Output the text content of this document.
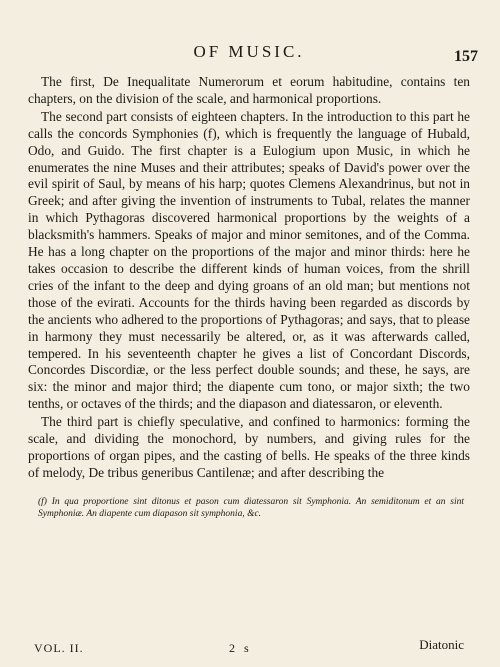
OF MUSIC.	157

The first, De Inequalitate Numerorum et eorum habitudine, contains ten chapters, on the division of the scale, and harmonical proportions.

The second part consists of eighteen chapters. In the introduction to this part he calls the concords Symphonies (f), which is frequently the language of Hubald, Odo, and Guido. The first chapter is a Eulogium upon Music, in which he enumerates the nine Muses and their attributes; speaks of David's power over the evil spirit of Saul, by means of his harp; quotes Clemens Alexandrinus, but not in Greek; and after giving the invention of instruments to Tubal, relates the manner in which Pythagoras discovered harmonical proportions by the weights of a blacksmith's hammers. Speaks of major and minor semitones, and of the Comma. He has a long chapter on the proportions of the major and minor thirds: here he takes occasion to describe the different kinds of human voices, from the shrill cries of the infant to the deep and dying groans of an old man; but mentions not those of the evirati. Accounts for the thirds having been regarded as discords by the ancients who adhered to the proportions of Pythagoras; and says, that to please in harmony they must necessarily be altered, or, as it was afterwards called, tempered. In his seventeenth chapter he gives a list of Concordant Discords, Concordes Discordiæ, or the less perfect double sounds; and these, he says, are six: the minor and major third; the diapente cum tono, or major sixth; the two tenths, or octaves of the thirds; and the diapason and diatessaron, or eleventh.

The third part is chiefly speculative, and confined to harmonics: forming the scale, and dividing the monochord, by numbers, and giving rules for the proportions of organ pipes, and the casting of bells. He speaks of the three kinds of melody, De tribus generibus Cantilenæ; and after describing the

(f) In qua proportione sint ditonus et pason cum diatessaron sit Symphonia. An semiditonum et an sint Symphoniæ. An diapente cum diapason sit symphonia, &c.
VOL. II.	2 s	Diatonic
